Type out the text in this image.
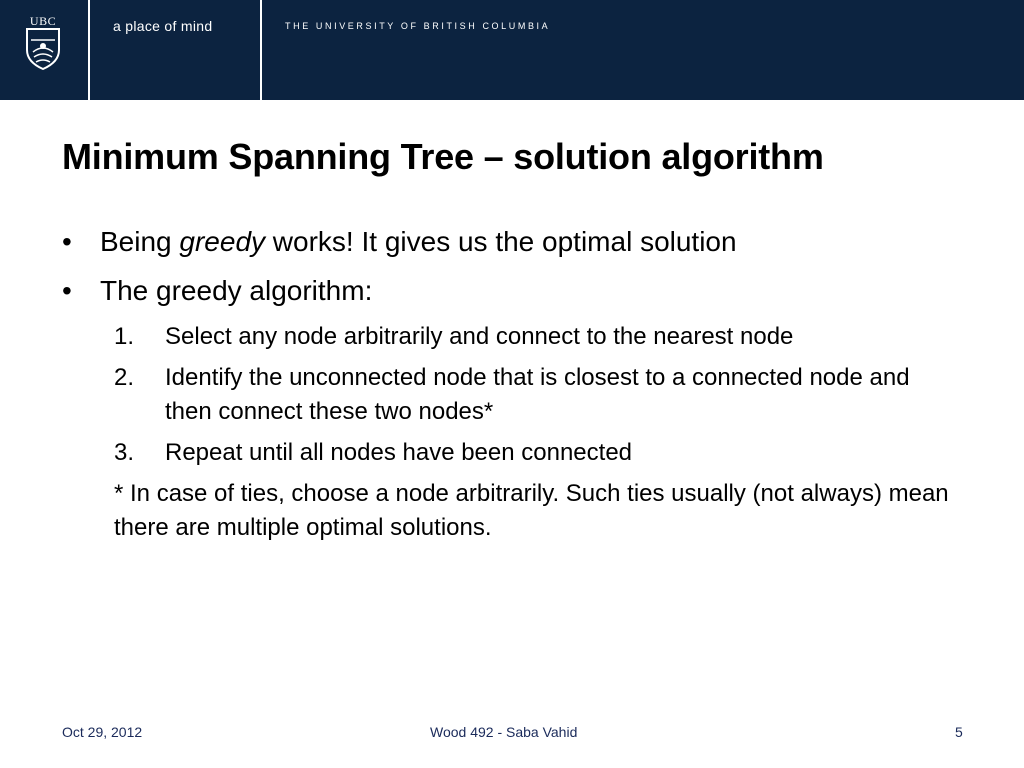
UBC	a place of mind	THE UNIVERSITY OF BRITISH COLUMBIA
Minimum Spanning Tree – solution algorithm
• Being greedy works! It gives us the optimal solution
• The greedy algorithm:
1. Select any node arbitrarily and connect to the nearest node
2. Identify the unconnected node that is closest to a connected node and then connect these two nodes*
3. Repeat until all nodes have been connected
* In case of ties, choose a node arbitrarily. Such ties usually (not always) mean there are multiple optimal solutions.
Oct 29, 2012	Wood 492 - Saba Vahid	5
